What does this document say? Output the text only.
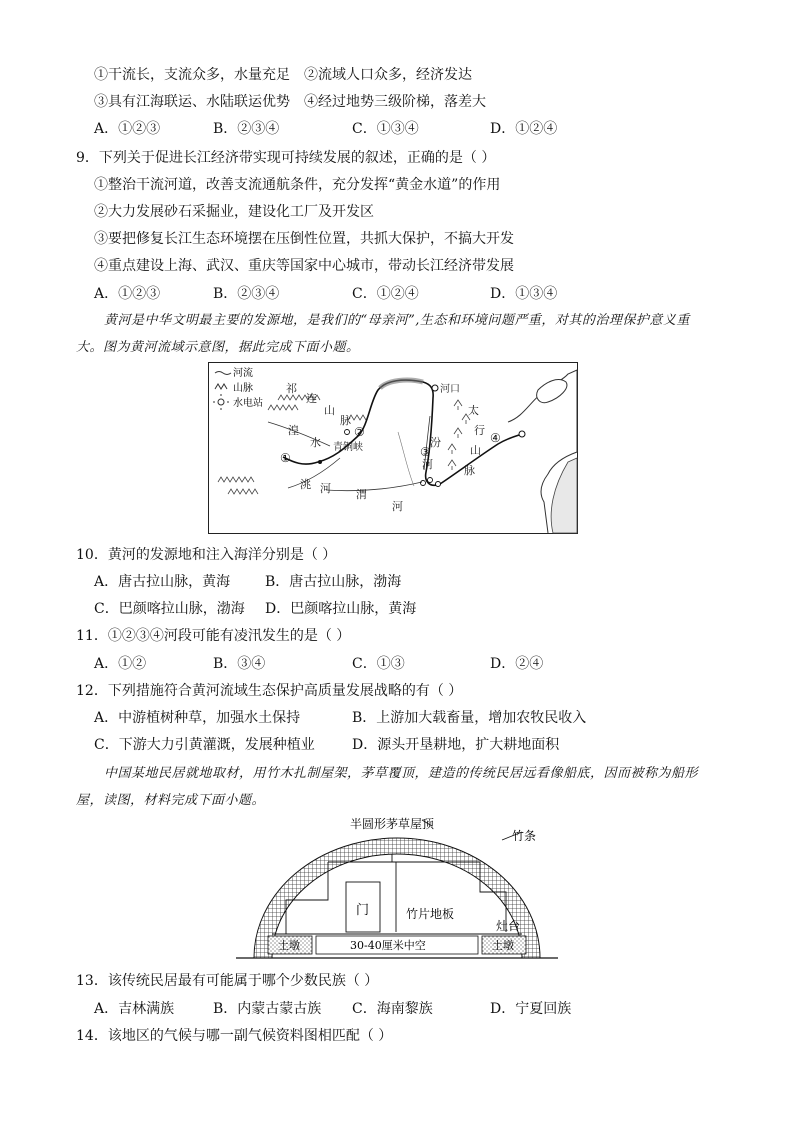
①干流长，支流众多，水量充足　②流域人口众多，经济发达
③具有江海联运、水陆联运优势　④经过地势三级阶梯，落差大
A．①②③	B．②③④	C．①③④	D．①②④
9．下列关于促进长江经济带实现可持续发展的叙述，正确的是（ ）
①整治干流河道，改善支流通航条件，充分发挥“黄金水道”的作用
②大力发展砂石采掘业，建设化工厂及开发区
③要把修复长江生态环境摆在压倒性位置，共抓大保护，不搞大开发
④重点建设上海、武汉、重庆等国家中心城市，带动长江经济带发展
A．①②③	B．②③④	C．①②④	D．①③④
黄河是中华文明最主要的发源地，是我们的“母亲河”,生态和环境问题严重，对其的治理保护意义重
大。图为黄河流域示意图，据此完成下面小题。
河流
山脉
水电站
祁
连
山
脉
湟
水 青铜峡
河口
太
行
山
脉
汾
河
洮 河 渭
河
①
②
③
④
10．黄河的发源地和注入海洋分别是（ ）
A．唐古拉山脉，黄海 B．唐古拉山脉，渤海
C．巴颜喀拉山脉，渤海 D．巴颜喀拉山脉，黄海
11．①②③④河段可能有凌汛发生的是（ ）
A．①②	B．③④	C．①③	D．②④
12．下列措施符合黄河流域生态保护高质量发展战略的有（ ）
A．中游植树种草，加强水土保持	B．上游加大载畜量，增加农牧民收入
C．下游大力引黄灌溉，发展种植业	D．源头开垦耕地，扩大耕地面积
中国某地民居就地取材，用竹木扎制屋架，茅草覆顶，建造的传统民居远看像船底，因而被称为船形
屋，读图，材料完成下面小题。
半圆形茅草屋顶
竹条
门	竹片地板
灶台
土墩	土墩
30-40厘米中空
13．该传统民居最有可能属于哪个少数民族（ ）
A．吉林满族	B．内蒙古蒙古族 C．海南黎族	D．宁夏回族
14．该地区的气候与哪一副气候资料图相匹配（ ）
